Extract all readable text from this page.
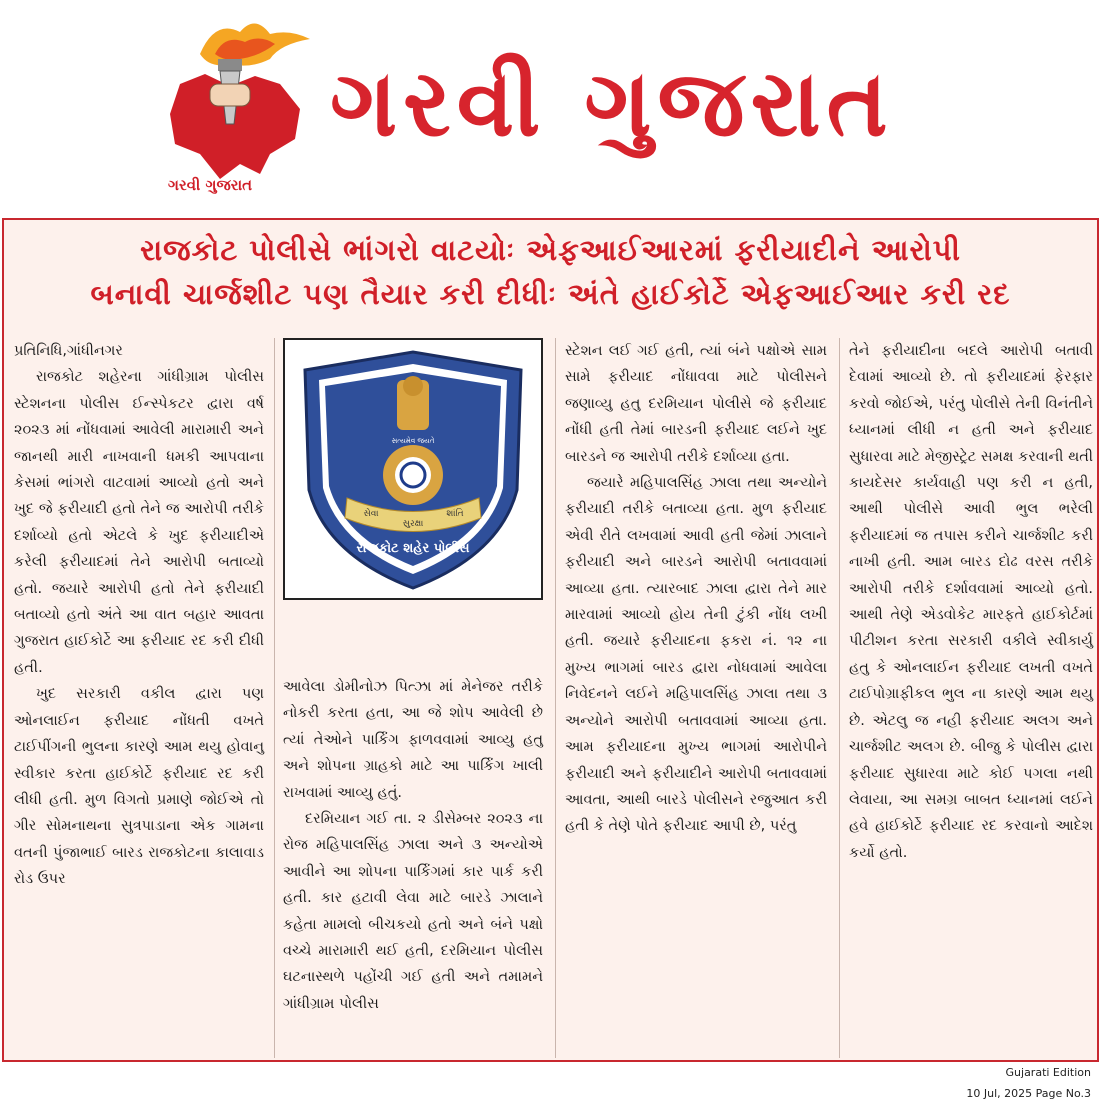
ગરવી ગુજરાત
ગરવી ગુજરાત
રાજકોટ પોલીસે ભાંગરો વાટયોઃ એફઆઈઆરમાં ફરીયાદીને આરોપી
બનાવી ચાર્જશીટ પણ તૈયાર કરી દીધીઃ અંતે હાઈકોર્ટે એફઆઈઆર કરી રદ

પ્રતિનિધિ,ગાંધીનગર

રાજકોટ શહેરના ગાંધીગ્રામ પોલીસ સ્ટેશનના પોલીસ ઈન્સ્પેકટર દ્વારા વર્ષ ૨૦૨૩ માં નોંધવામાં આવેલી મારામારી અને જાનથી મારી નાખવાની ધમકી આપવાના કેસમાં ભાંગરો વાટવામાં આવ્યો હતો અને ખુદ જે ફરીયાદી હતો તેને જ આરોપી તરીકે દર્શાવ્યો હતો એટલે કે ખુદ ફરીયાદીએ કરેલી ફરીયાદમાં તેને આરોપી બતાવ્યો હતો. જયારે આરોપી હતો તેને ફરીયાદી બતાવ્યો હતો અંતે આ વાત બહાર આવતા ગુજરાત હાઈકોર્ટે આ ફરીયાદ રદ કરી દીધી હતી.

ખુદ સરકારી વકીલ દ્વારા પણ ઓનલાઈન ફરીયાદ નોંધતી વખતે ટાઈપીંગની ભુલના કારણે આમ થયુ હોવાનુ સ્વીકાર કરતા હાઈકોર્ટે ફરીયાદ રદ કરી લીધી હતી. મુળ વિગતો પ્રમાણે જોઈએ તો ગીર સોમનાથના સુત્રપાડાના એક ગામના વતની પુંજાભાઈ બારડ રાજકોટના કાલાવાડ રોડ ઉપર

સત્યમેવ જયતે
સેવા
સુરક્ષા
શાંતિ
રાજકોટ શહેર પોલીસ

આવેલા ડોમીનોઝ પિત્ઝા માં મેનેજર તરીકે નોકરી કરતા હતા, આ જે શોપ આવેલી છે ત્યાં તેઓને પાર્કિંગ ફાળવવામાં આવ્યુ હતુ અને શોપના ગ્રાહકો માટે આ પાર્કિંગ ખાલી રાખવામાં આવ્યુ હતું.

દરમિયાન ગઈ તા. ૨ ડીસેમ્બર ૨૦૨૩ ના રોજ મહિપાલસિંહ ઝાલા અને ૩ અન્યોએ આવીને આ શોપના પાર્કિંગમાં કાર પાર્ક કરી હતી. કાર હટાવી લેવા માટે બારડે ઝાલાને કહેતા મામલો બીચકયો હતો અને બંને પક્ષો વચ્ચે મારામારી થઈ હતી, દરમિયાન પોલીસ ઘટનાસ્થળે પહોંચી ગઈ હતી અને તમામને ગાંધીગ્રામ પોલીસ

સ્ટેશન લઈ ગઈ હતી, ત્યાં બંને પક્ષોએ સામ સામે ફરીયાદ નોંધાવવા માટે પોલીસને જણાવ્યુ હતુ દરમિયાન પોલીસે જે ફરીયાદ નોંધી હતી તેમાં બારડની ફરીયાદ લઈને ખુદ બારડને જ આરોપી તરીકે દર્શાવ્યા હતા.

જયારે મહિપાલસિંહ ઝાલા તથા અન્યોને ફરીયાદી તરીકે બતાવ્યા હતા. મુળ ફરીયાદ એવી રીતે લખવામાં આવી હતી જેમાં ઝાલાને ફરીયાદી અને બારડને આરોપી બતાવવામાં આવ્યા હતા. ત્યારબાદ ઝાલા દ્વારા તેને માર મારવામાં આવ્યો હોય તેની ટુંકી નોંધ લખી હતી. જયારે ફરીયાદના ફકરા નં. ૧૨ ના મુખ્ય ભાગમાં બારડ દ્વારા નોધવામાં આવેલા નિવેદનને લઈને મહિપાલસિંહ ઝાલા તથા ૩ અન્યોને આરોપી બતાવવામાં આવ્યા હતા. આમ ફરીયાદના મુખ્ય ભાગમાં આરોપીને ફરીયાદી અને ફરીયાદીને આરોપી બતાવવામાં આવતા, આથી બારડે પોલીસને રજુઆત કરી હતી કે તેણે પોતે ફરીયાદ આપી છે, પરંતુ

તેને ફરીયાદીના બદલે આરોપી બતાવી દેવામાં આવ્યો છે. તો ફરીયાદમાં ફેરફાર કરવો જોઈએ, પરંતુ પોલીસે તેની વિનંતીને ધ્યાનમાં લીધી ન હતી અને ફરીયાદ સુધારવા માટે મેજીસ્ટ્રેટ સમક્ષ કરવાની થતી કાયદેસર કાર્યવાહી પણ કરી ન હતી, આથી પોલીસે આવી ભુલ ભરેલી ફરીયાદમાં જ તપાસ કરીને ચાર્જશીટ કરી નાખી હતી. આમ બારડ દોઢ વરસ તરીકે આરોપી તરીકે દર્શાવવામાં આવ્યો હતો. આથી તેણે એડવોકેટ મારફતે હાઈકોર્ટમાં પીટીશન કરતા સરકારી વકીલે સ્વીકાર્યુ હતુ કે ઓનલાઈન ફરીયાદ લખતી વખતે ટાઈપોગ્રાફીકલ ભુલ ના કારણે આમ થયુ છે. એટલુ જ નહી ફરીયાદ અલગ અને ચાર્જશીટ અલગ છે. બીજુ કે પોલીસ દ્વારા ફરીયાદ સુધારવા માટે કોઈ પગલા નથી લેવાયા, આ સમગ્ર બાબત ધ્યાનમાં લઈને હવે હાઈકોર્ટે ફરીયાદ રદ કરવાનો આદેશ કર્યો હતો.

Gujarati Edition
10 Jul, 2025 Page No.3
